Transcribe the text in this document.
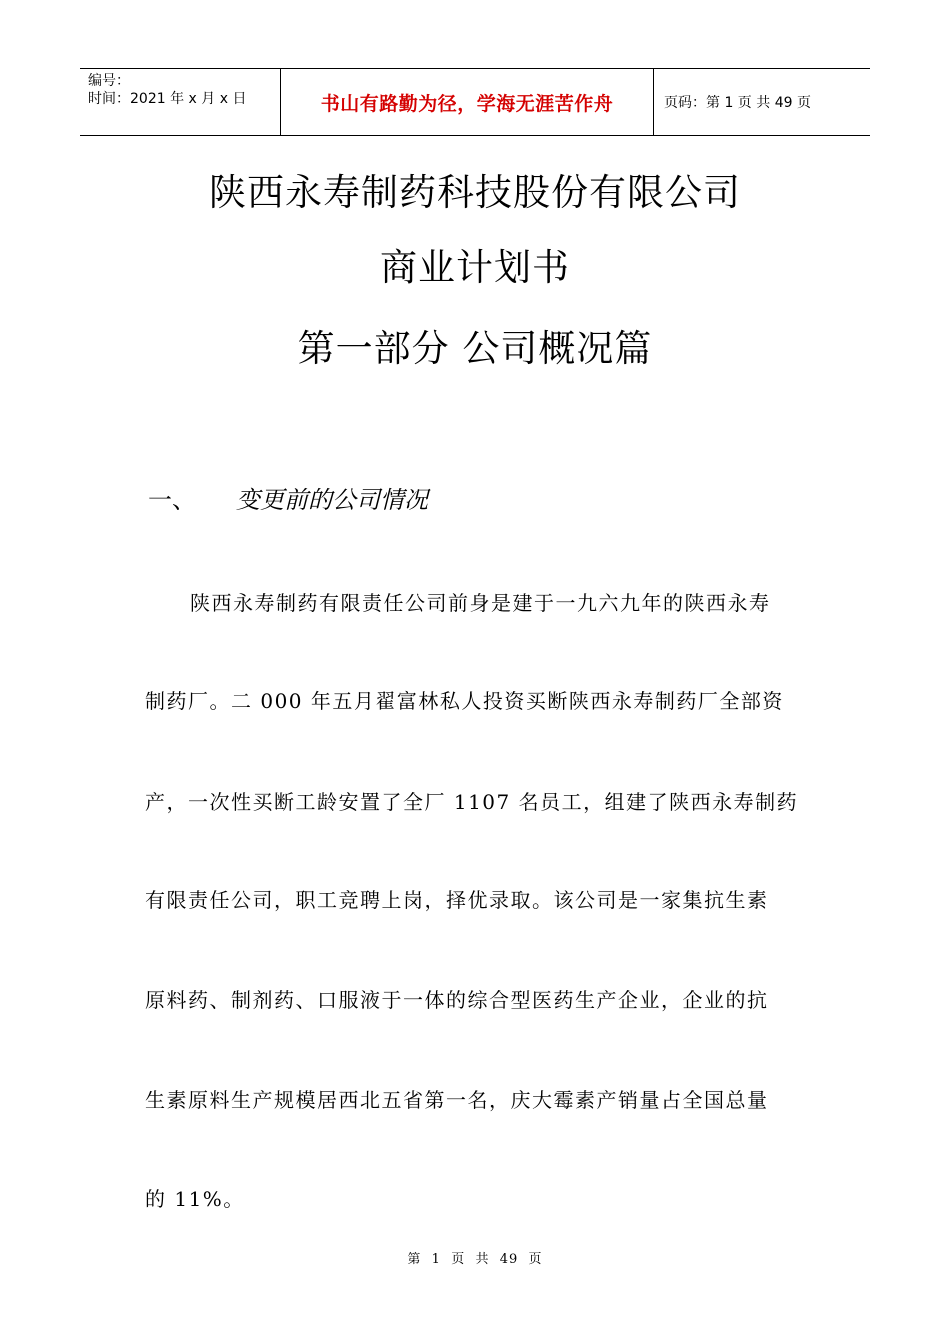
编号：
时间：2021 年 x 月 x 日	书山有路勤为径，学海无涯苦作舟	页码：第 1 页 共 49 页
陕西永寿制药科技股份有限公司
商业计划书
第一部分 公司概况篇
一、	变更前的公司情况
陕西永寿制药有限责任公司前身是建于一九六九年的陕西永寿
制药厂。二 000 年五月翟富林私人投资买断陕西永寿制药厂全部资
产，一次性买断工龄安置了全厂 1107 名员工，组建了陕西永寿制药
有限责任公司，职工竞聘上岗，择优录取。该公司是一家集抗生素
原料药、制剂药、口服液于一体的综合型医药生产企业，企业的抗
生素原料生产规模居西北五省第一名，庆大霉素产销量占全国总量
的 11%。
第  1  页  共  49  页
